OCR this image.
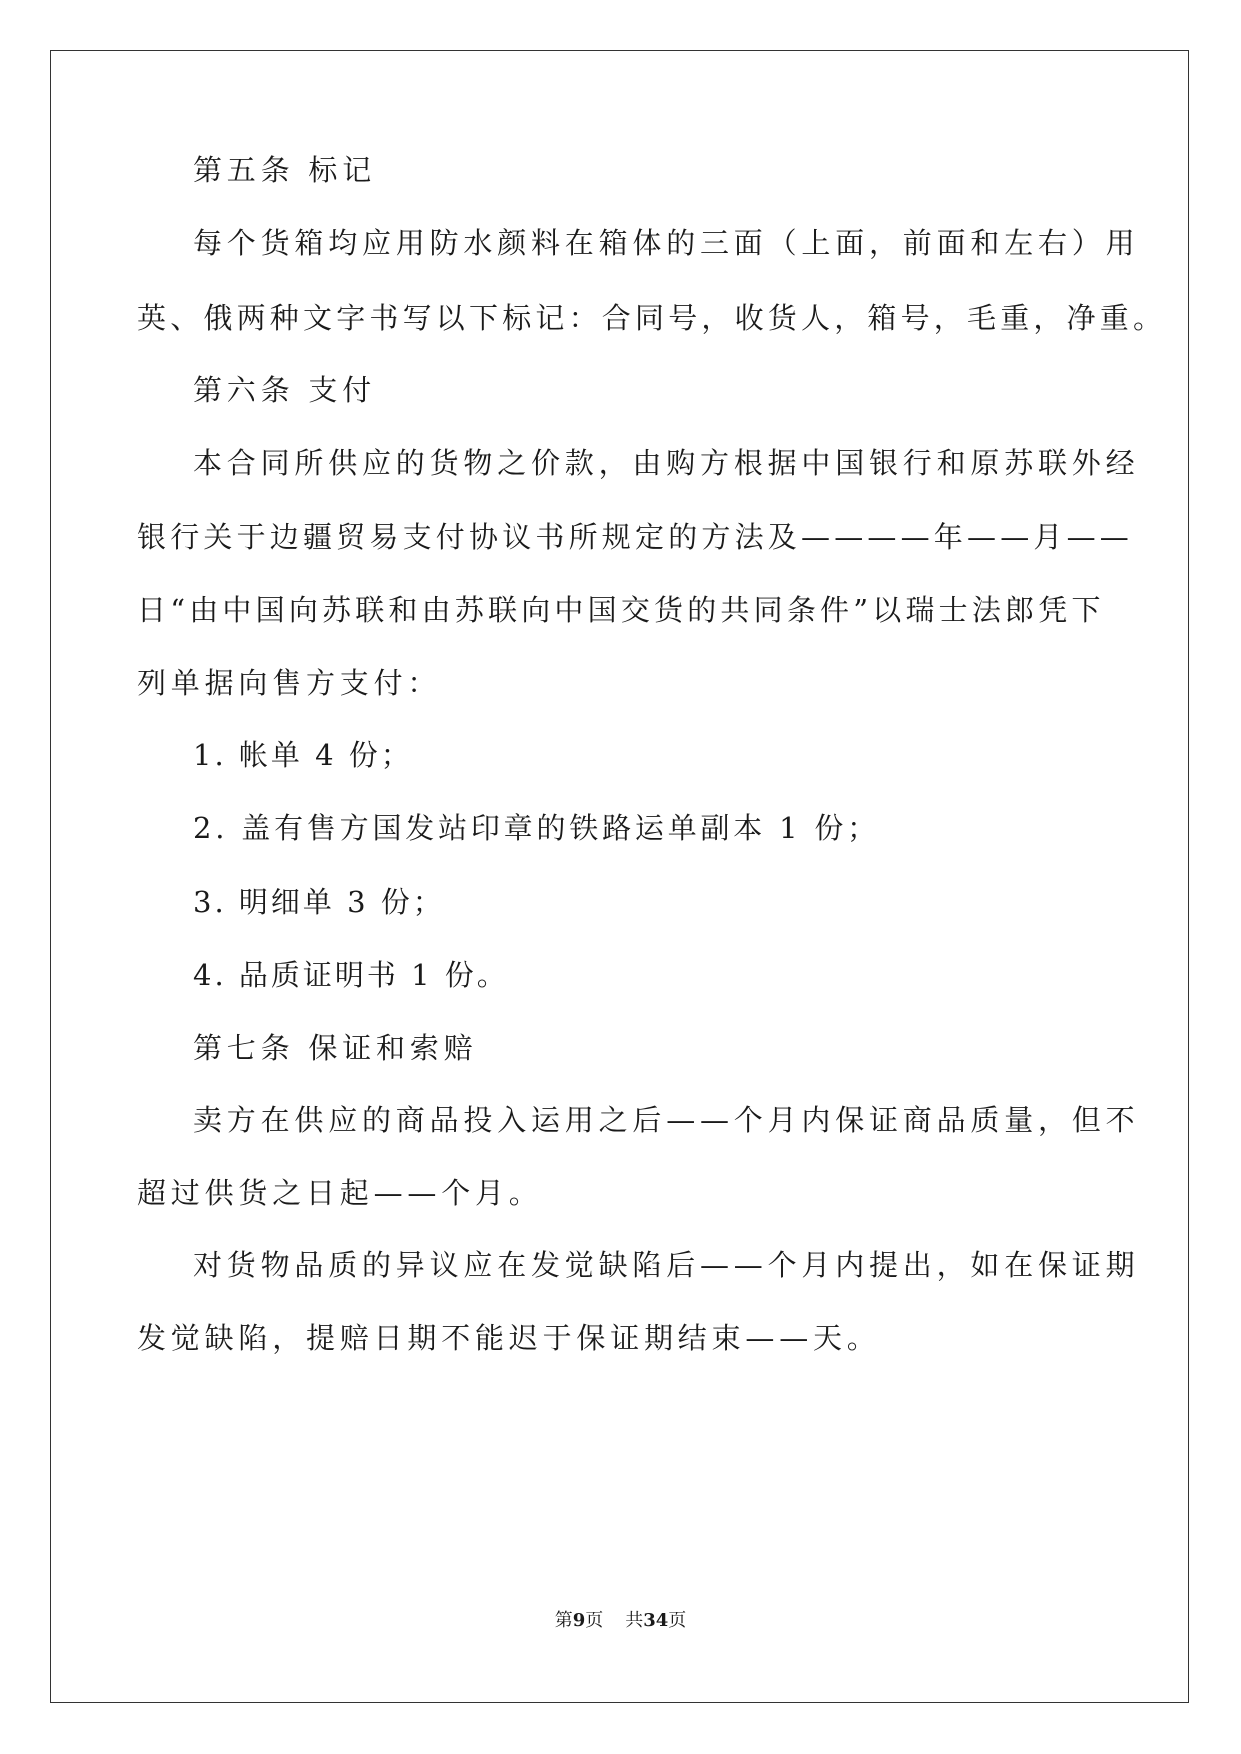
第五条 标记
每个货箱均应用防水颜料在箱体的三面（上面，前面和左右）用
英、俄两种文字书写以下标记：合同号，收货人，箱号，毛重，净重。
第六条 支付
本合同所供应的货物之价款，由购方根据中国银行和原苏联外经
银行关于边疆贸易支付协议书所规定的方法及————年——月——
日“由中国向苏联和由苏联向中国交货的共同条件”以瑞士法郎凭下
列单据向售方支付：
1. 帐单 4 份；
2. 盖有售方国发站印章的铁路运单副本 1 份；
3. 明细单 3 份；
4. 品质证明书 1 份。
第七条 保证和索赔
卖方在供应的商品投入运用之后——个月内保证商品质量，但不
超过供货之日起——个月。
对货物品质的异议应在发觉缺陷后——个月内提出，如在保证期
发觉缺陷，提赔日期不能迟于保证期结束——天。
第9页 共34页
